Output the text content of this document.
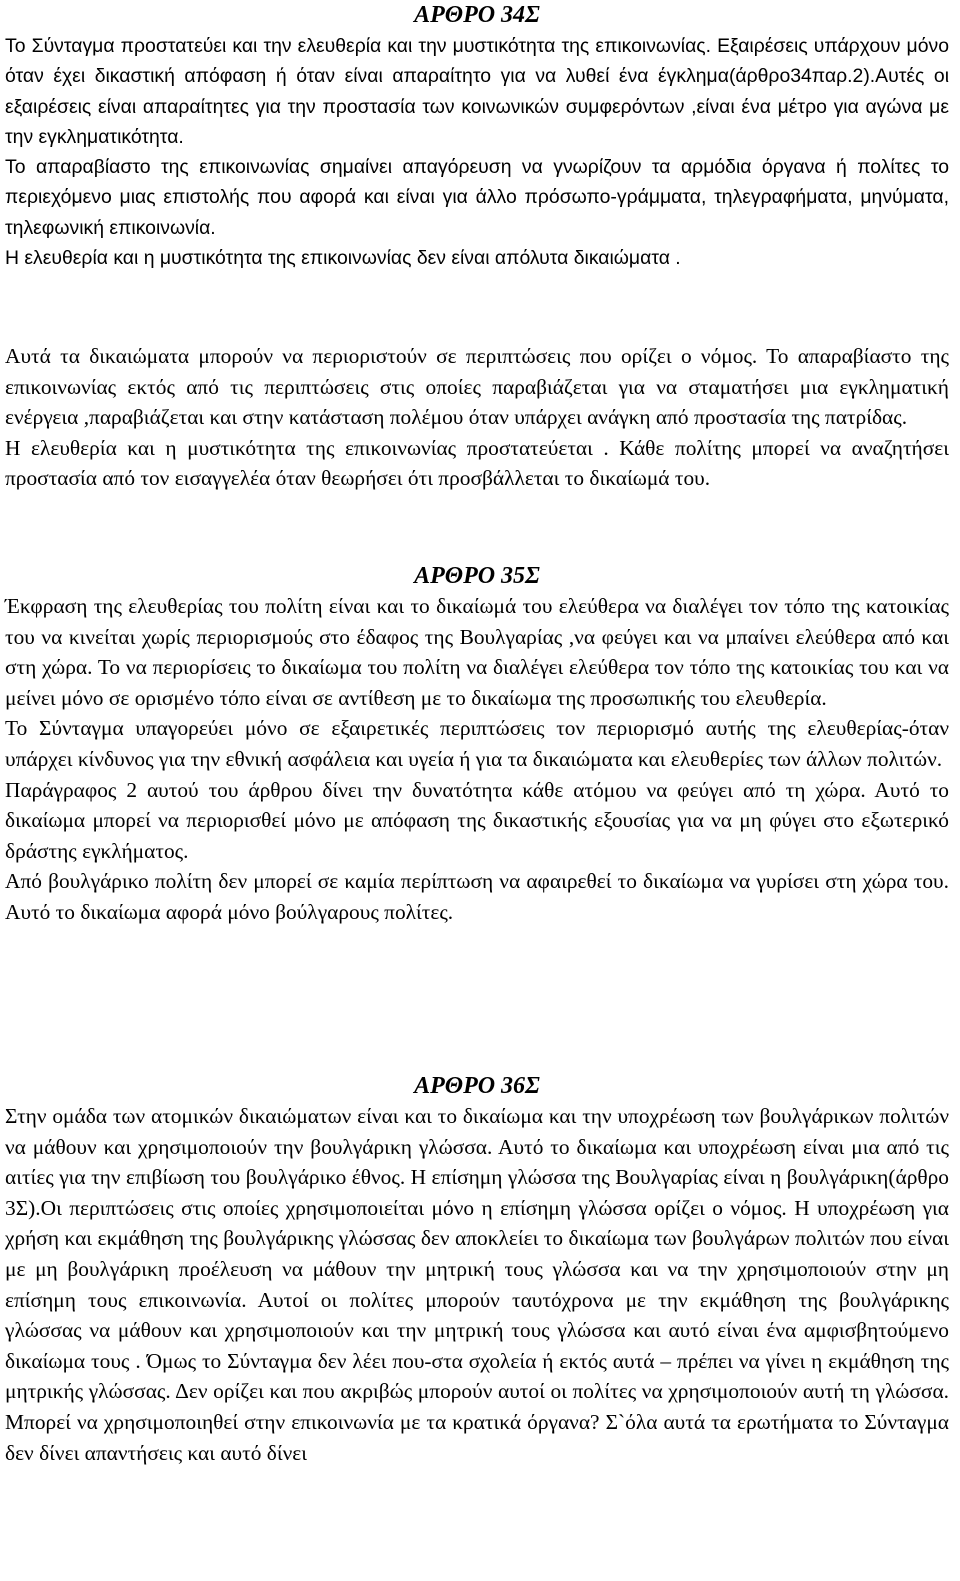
ΑΡΘΡΟ 34Σ

Το Σύνταγμα προστατεύει και την ελευθερία και την μυστικότητα της επικοινωνίας. Εξαιρέσεις υπάρχουν μόνο όταν έχει δικαστική απόφαση ή όταν είναι απαραίτητο για να λυθεί ένα έγκλημα(άρθρο34παρ.2).Αυτές οι εξαιρέσεις είναι απαραίτητες για την προστασία των κοινωνικών συμφερόντων ,είναι ένα μέτρο για αγώνα με την εγκληματικότητα.

Το απαραβίαστο της επικοινωνίας σημαίνει απαγόρευση να γνωρίζουν τα αρμόδια όργανα ή πολίτες το περιεχόμενο μιας επιστολής που αφορά και είναι για άλλο πρόσωπο-γράμματα, τηλεγραφήματα, μηνύματα, τηλεφωνική επικοινωνία.

Η ελευθερία και η μυστικότητα της επικοινωνίας δεν είναι απόλυτα δικαιώματα .

Αυτά τα δικαιώματα μπορούν να περιοριστούν σε περιπτώσεις που ορίζει ο νόμος. Το απαραβίαστο της επικοινωνίας εκτός από τις περιπτώσεις στις οποίες παραβιάζεται για να σταματήσει μια εγκληματική ενέργεια ,παραβιάζεται και στην κατάσταση πολέμου όταν υπάρχει ανάγκη από προστασία της πατρίδας.

Η ελευθερία και η μυστικότητα της επικοινωνίας προστατεύεται . Κάθε πολίτης μπορεί να αναζητήσει προστασία από τον εισαγγελέα όταν θεωρήσει ότι προσβάλλεται το δικαίωμά του.

ΑΡΘΡΟ 35Σ

Έκφραση της ελευθερίας του πολίτη είναι και το δικαίωμά του ελεύθερα να διαλέγει τον τόπο της κατοικίας του να κινείται χωρίς περιορισμούς στο έδαφος της Βουλγαρίας ,να φεύγει και να μπαίνει ελεύθερα από και στη χώρα. Το να περιορίσεις το δικαίωμα του πολίτη να διαλέγει ελεύθερα τον τόπο της κατοικίας του και να μείνει μόνο σε ορισμένο τόπο είναι σε αντίθεση με το δικαίωμα της προσωπικής του ελευθερία.

Το Σύνταγμα υπαγορεύει μόνο σε εξαιρετικές περιπτώσεις τον περιορισμό αυτής της ελευθερίας-όταν υπάρχει κίνδυνος για την εθνική ασφάλεια και υγεία ή για τα δικαιώματα και ελευθερίες των άλλων πολιτών.

Παράγραφος 2 αυτού του άρθρου δίνει την δυνατότητα κάθε ατόμου να φεύγει από τη χώρα. Αυτό το δικαίωμα μπορεί να περιορισθεί μόνο με απόφαση της δικαστικής εξουσίας για να μη φύγει στο εξωτερικό δράστης εγκλήματος.

Από βουλγάρικο πολίτη δεν μπορεί σε καμία περίπτωση να αφαιρεθεί το δικαίωμα να γυρίσει στη χώρα του. Αυτό το δικαίωμα αφορά μόνο βούλγαρους πολίτες.

ΑΡΘΡΟ 36Σ

Στην ομάδα των ατομικών δικαιώματων είναι και το δικαίωμα και την υποχρέωση των βουλγάρικων πολιτών να μάθουν και χρησιμοποιούν την βουλγάρικη γλώσσα. Αυτό το δικαίωμα και υποχρέωση είναι μια από τις αιτίες για την επιβίωση του βουλγάρικο έθνος. Η επίσημη γλώσσα της Βουλγαρίας είναι η βουλγάρικη(άρθρο 3Σ).Οι περιπτώσεις στις οποίες χρησιμοποιείται μόνο η επίσημη γλώσσα ορίζει ο νόμος. Η υποχρέωση για χρήση και εκμάθηση της βουλγάρικης γλώσσας δεν αποκλείει το δικαίωμα των βουλγάρων πολιτών που είναι με μη βουλγάρικη προέλευση να μάθουν την μητρική τους γλώσσα και να την χρησιμοποιούν στην μη επίσημη τους επικοινωνία. Αυτοί οι πολίτες μπορούν ταυτόχρονα με την εκμάθηση της βουλγάρικης γλώσσας να μάθουν και χρησιμοποιούν και την μητρική τους γλώσσα και αυτό είναι ένα αμφισβητούμενο δικαίωμα τους . Όμως το Σύνταγμα δεν λέει που-στα σχολεία ή εκτός αυτά – πρέπει να γίνει η εκμάθηση της μητρικής γλώσσας. Δεν ορίζει και που ακριβώς μπορούν αυτοί οι πολίτες να χρησιμοποιούν αυτή τη γλώσσα. Μπορεί να χρησιμοποιηθεί στην επικοινωνία με τα κρατικά όργανα? Σ`όλα αυτά τα ερωτήματα το Σύνταγμα δεν δίνει απαντήσεις και αυτό δίνει
